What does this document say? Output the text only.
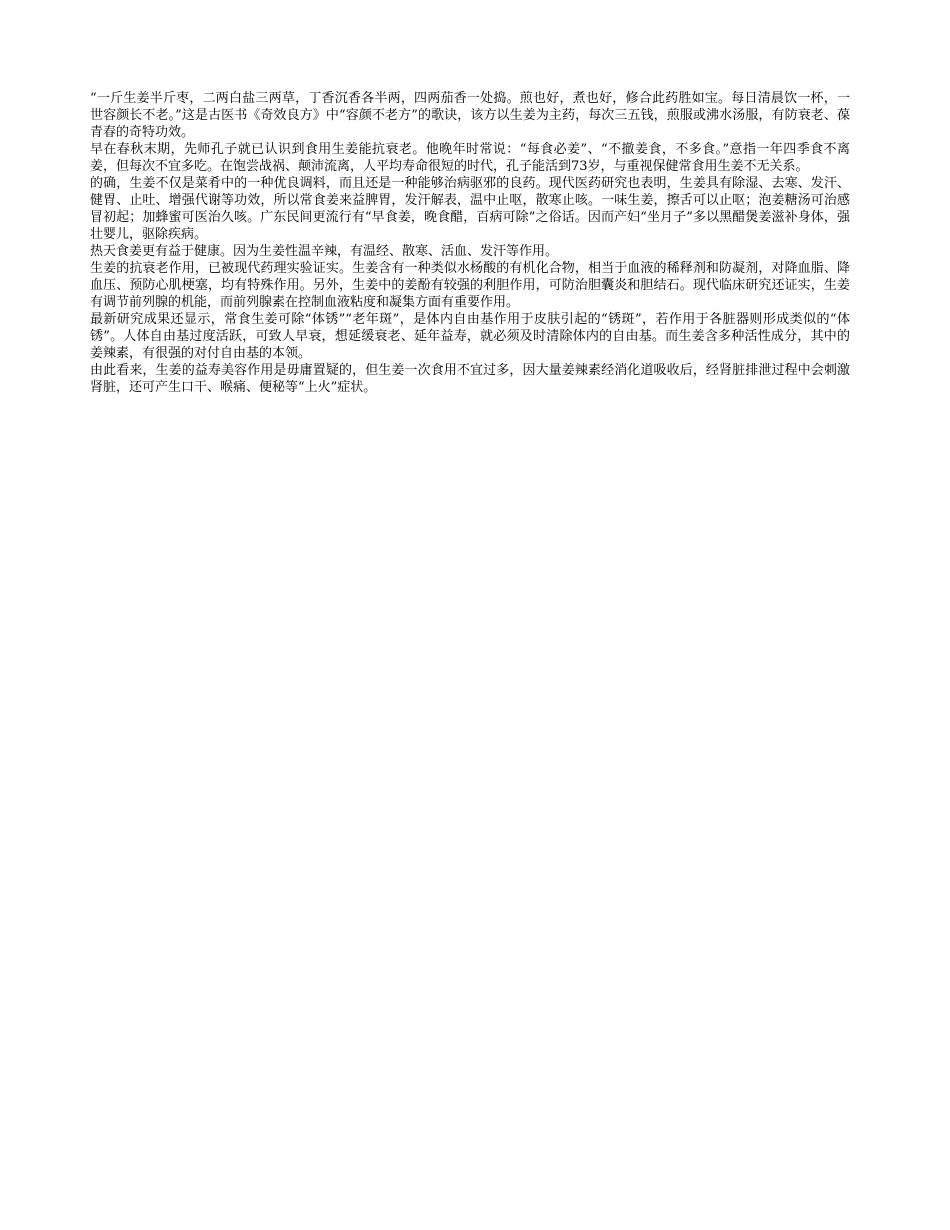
“一斤生姜半斤枣，二两白盐三两草，丁香沉香各半两，四两茄香一处捣。煎也好，煮也好，修合此药胜如宝。每日清晨饮一杯，一世容颜长不老。”这是古医书《奇效良方》中“容颜不老方”的歌诀，该方以生姜为主药，每次三五钱，煎服或沸水汤服，有防衰老、葆青春的奇特功效。

早在春秋末期，先师孔子就已认识到食用生姜能抗衰老。他晚年时常说：“每食必姜”、“不撤姜食，不多食。”意指一年四季食不离姜，但每次不宜多吃。在饱尝战祸、颠沛流离，人平均寿命很短的时代，孔子能活到73岁，与重视保健常食用生姜不无关系。

的确，生姜不仅是菜肴中的一种优良调料，而且还是一种能够治病驱邪的良药。现代医药研究也表明，生姜具有除湿、去寒、发汗、健胃、止吐、增强代谢等功效，所以常食姜来益脾胃，发汗解表，温中止呕，散寒止咳。一味生姜，擦舌可以止呕；泡姜糖汤可治感冒初起；加蜂蜜可医治久咳。广东民间更流行有“早食姜，晚食醋，百病可除”之俗话。因而产妇“坐月子”多以黑醋煲姜滋补身体，强壮婴儿，驱除疾病。

热天食姜更有益于健康。因为生姜性温辛辣，有温经、散寒、活血、发汗等作用。

生姜的抗衰老作用，已被现代药理实验证实。生姜含有一种类似水杨酸的有机化合物，相当于血液的稀释剂和防凝剂，对降血脂、降血压、预防心肌梗塞，均有特殊作用。另外，生姜中的姜酚有较强的利胆作用，可防治胆囊炎和胆结石。现代临床研究还证实，生姜有调节前列腺的机能，而前列腺素在控制血液粘度和凝集方面有重要作用。

最新研究成果还显示，常食生姜可除“体锈”“老年斑”，是体内自由基作用于皮肤引起的“锈斑”，若作用于各脏器则形成类似的“体锈”。人体自由基过度活跃，可致人早衰，想延缓衰老、延年益寿，就必须及时清除体内的自由基。而生姜含多种活性成分，其中的姜辣素，有很强的对付自由基的本领。

由此看来，生姜的益寿美容作用是毋庸置疑的，但生姜一次食用不宜过多，因大量姜辣素经消化道吸收后，经肾脏排泄过程中会刺激肾脏，还可产生口干、喉痛、便秘等“上火”症状。
